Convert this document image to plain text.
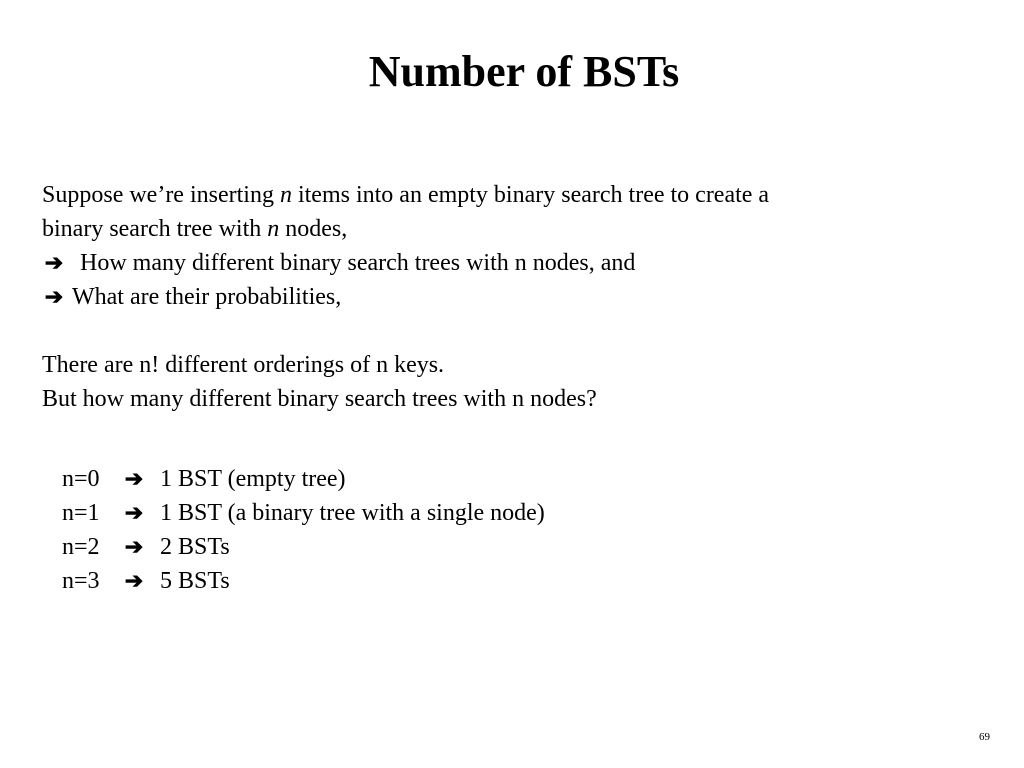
Number of BSTs
Suppose we’re inserting n items into an empty binary search tree to create a
binary search tree with n nodes,
➔ How many different binary search trees with n nodes, and
➔ What are their probabilities,
There are n! different orderings of n keys.
But how many different binary search trees with n nodes?
n=0 ➔ 1 BST (empty tree)
n=1 ➔ 1 BST (a binary tree with a single node)
n=2 ➔ 2 BSTs
n=3 ➔ 5 BSTs
69
